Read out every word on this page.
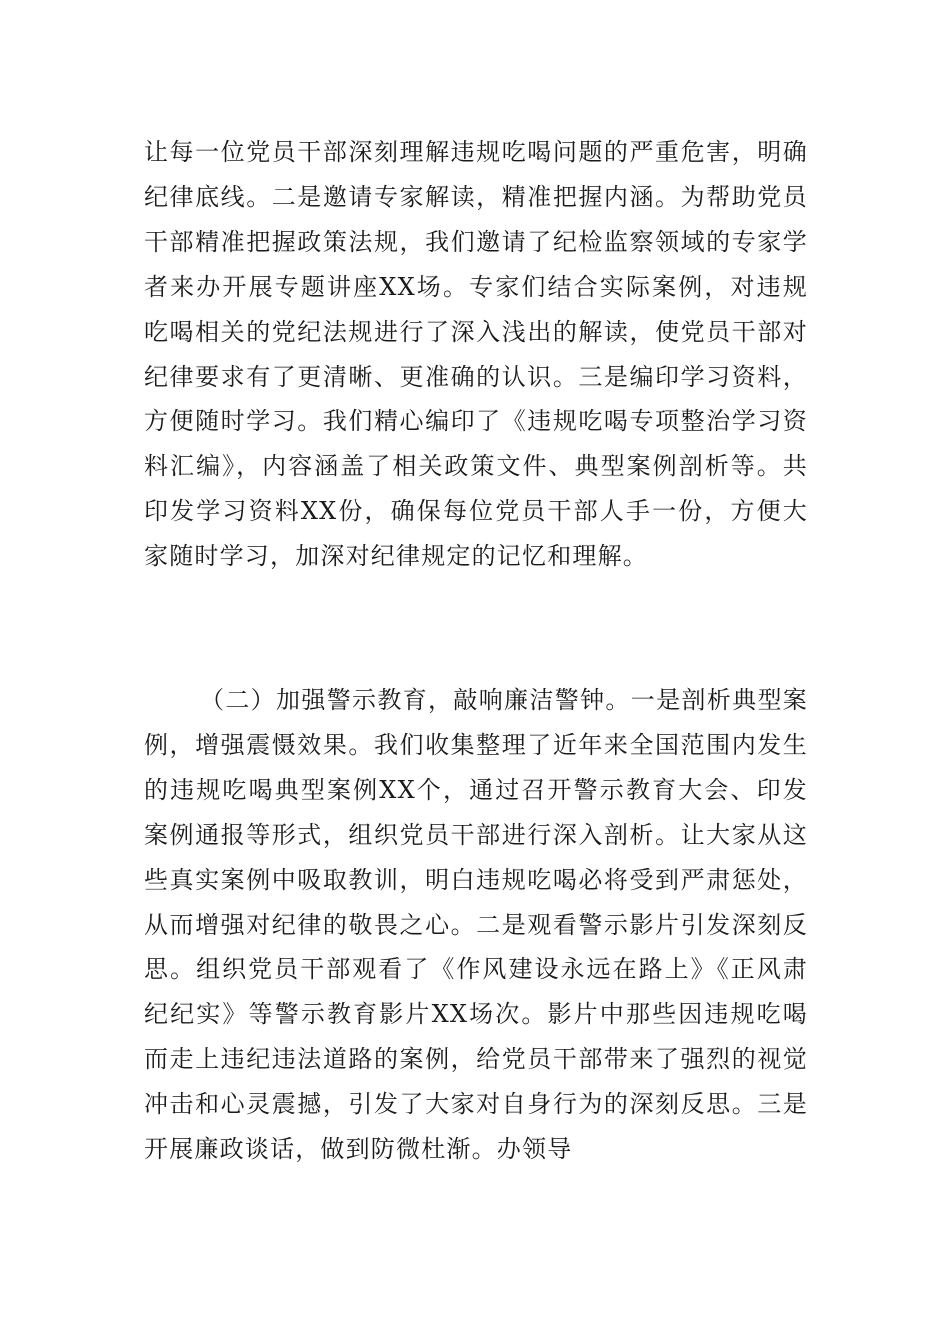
让每一位党员干部深刻理解违规吃喝问题的严重危害，明确纪律底线。二是邀请专家解读，精准把握内涵。为帮助党员干部精准把握政策法规，我们邀请了纪检监察领域的专家学者来办开展专题讲座XX场。专家们结合实际案例，对违规吃喝相关的党纪法规进行了深入浅出的解读，使党员干部对纪律要求有了更清晰、更准确的认识。三是编印学习资料，方便随时学习。我们精心编印了《违规吃喝专项整治学习资料汇编》，内容涵盖了相关政策文件、典型案例剖析等。共印发学习资料XX份，确保每位党员干部人手一份，方便大家随时学习，加深对纪律规定的记忆和理解。

（二）加强警示教育，敲响廉洁警钟。一是剖析典型案例，增强震慑效果。我们收集整理了近年来全国范围内发生的违规吃喝典型案例XX个，通过召开警示教育大会、印发案例通报等形式，组织党员干部进行深入剖析。让大家从这些真实案例中吸取教训，明白违规吃喝必将受到严肃惩处，从而增强对纪律的敬畏之心。二是观看警示影片引发深刻反思。组织党员干部观看了《作风建设永远在路上》《正风肃纪纪实》等警示教育影片XX场次。影片中那些因违规吃喝而走上违纪违法道路的案例，给党员干部带来了强烈的视觉冲击和心灵震撼，引发了大家对自身行为的深刻反思。三是开展廉政谈话，做到防微杜渐。办领导
